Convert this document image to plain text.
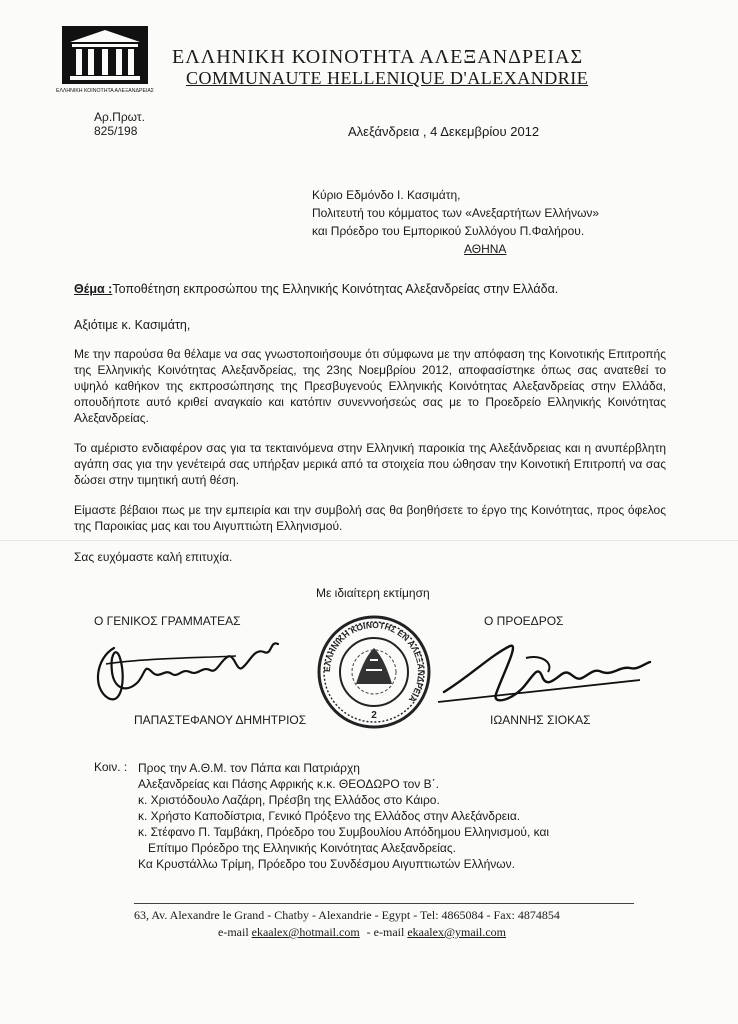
ΕΛΛΗΝΙΚΗ ΚΟΙΝΟΤΗΤΑ ΑΛΕΞΑΝΔΡΕΙΑΣ
ΕΛΛΗΝΙΚΗ ΚΟΙΝΟΤΗΤΑ ΑΛΕΞΑΝΔΡΕΙΑΣ
COMMUNAUTE HELLENIQUE D'ALEXANDRIE
Αρ.Πρωτ.
825/198	Αλεξάνδρεια , 4 Δεκεμβρίου 2012
Κύριο Εδμόνδο Ι. Κασιμάτη,
Πολιτευτή του κόμματος των «Ανεξαρτήτων Ελλήνων»
και Πρόεδρο του Εμπορικού Συλλόγου Π.Φαλήρου.
ΑΘΗΝΑ
Θέμα :Τοποθέτηση εκπροσώπου της Ελληνικής Κοινότητας Αλεξανδρείας στην Ελλάδα.
Αξιότιμε κ. Κασιμάτη,
Με την παρούσα θα θέλαμε να σας γνωστοποιήσουμε ότι σύμφωνα με την απόφαση της Κοινοτικής Επιτροπής της Ελληνικής Κοινότητας Αλεξανδρείας, της 23ης Νοεμβρίου 2012, αποφασίστηκε όπως σας ανατεθεί το υψηλό καθήκον της εκπροσώπησης της Πρεσβυγενούς Ελληνικής Κοινότητας Αλεξανδρείας στην Ελλάδα, οπουδήποτε αυτό κριθεί αναγκαίο και κατόπιν συνεννοήσεώς σας με το Προεδρείο Ελληνικής Κοινότητας Αλεξανδρείας.
Το αμέριστο ενδιαφέρον σας για τα τεκταινόμενα στην Ελληνική παροικία της Αλεξάνδρειας και η ανυπέρβλητη αγάπη σας για την γενέτειρά σας υπήρξαν μερικά από τα στοιχεία που ώθησαν την Κοινοτική Επιτροπή να σας δώσει στην τιμητική αυτή θέση.
Είμαστε βέβαιοι πως με την εμπειρία και την συμβολή σας θα βοηθήσετε το έργο της Κοινότητας, προς όφελος της Παροικίας μας και του Αιγυπτιώτη Ελληνισμού.
Σας ευχόμαστε καλή επιτυχία.
Με ιδιαίτερη εκτίμηση
Ο ΓΕΝΙΚΟΣ ΓΡΑΜΜΑΤΕΑΣ	Ο ΠΡΟΕΔΡΟΣ
ΕΛΛΗΝΙΚΗ ΚΟΙΝΟΤΗΣ ΕΝ ΑΛΕΞΑΝΔΡΕΙΑ
2
ΠΑΠΑΣΤΕΦΑΝΟΥ ΔΗΜΗΤΡΙΟΣ	ΙΩΑΝΝΗΣ ΣΙΟΚΑΣ
Κοιν. : Προς την Α.Θ.Μ. τον Πάπα και Πατριάρχη
Αλεξανδρείας και Πάσης Αφρικής κ.κ. ΘΕΟΔΩΡΟ τον Β΄.
κ. Χριστόδουλο Λαζάρη, Πρέσβη της Ελλάδος στο Κάιρο.
κ. Χρήστο Καποδίστρια, Γενικό Πρόξενο της Ελλάδος στην Αλεξάνδρεια.
κ. Στέφανο Π. Ταμβάκη, Πρόεδρο του Συμβουλίου Απόδημου Ελληνισμού, και
Επίτιμο Πρόεδρο της Ελληνικής Κοινότητας Αλεξανδρείας.
Κα Κρυστάλλω Τρίμη, Πρόεδρο του Συνδέσμου Αιγυπτιωτών Ελλήνων.
63, Av. Alexandre le Grand - Chatby - Alexandrie - Egypt - Tel: 4865084 - Fax: 4874854
e-mail ekaalex@hotmail.com - e-mail ekaalex@ymail.com
